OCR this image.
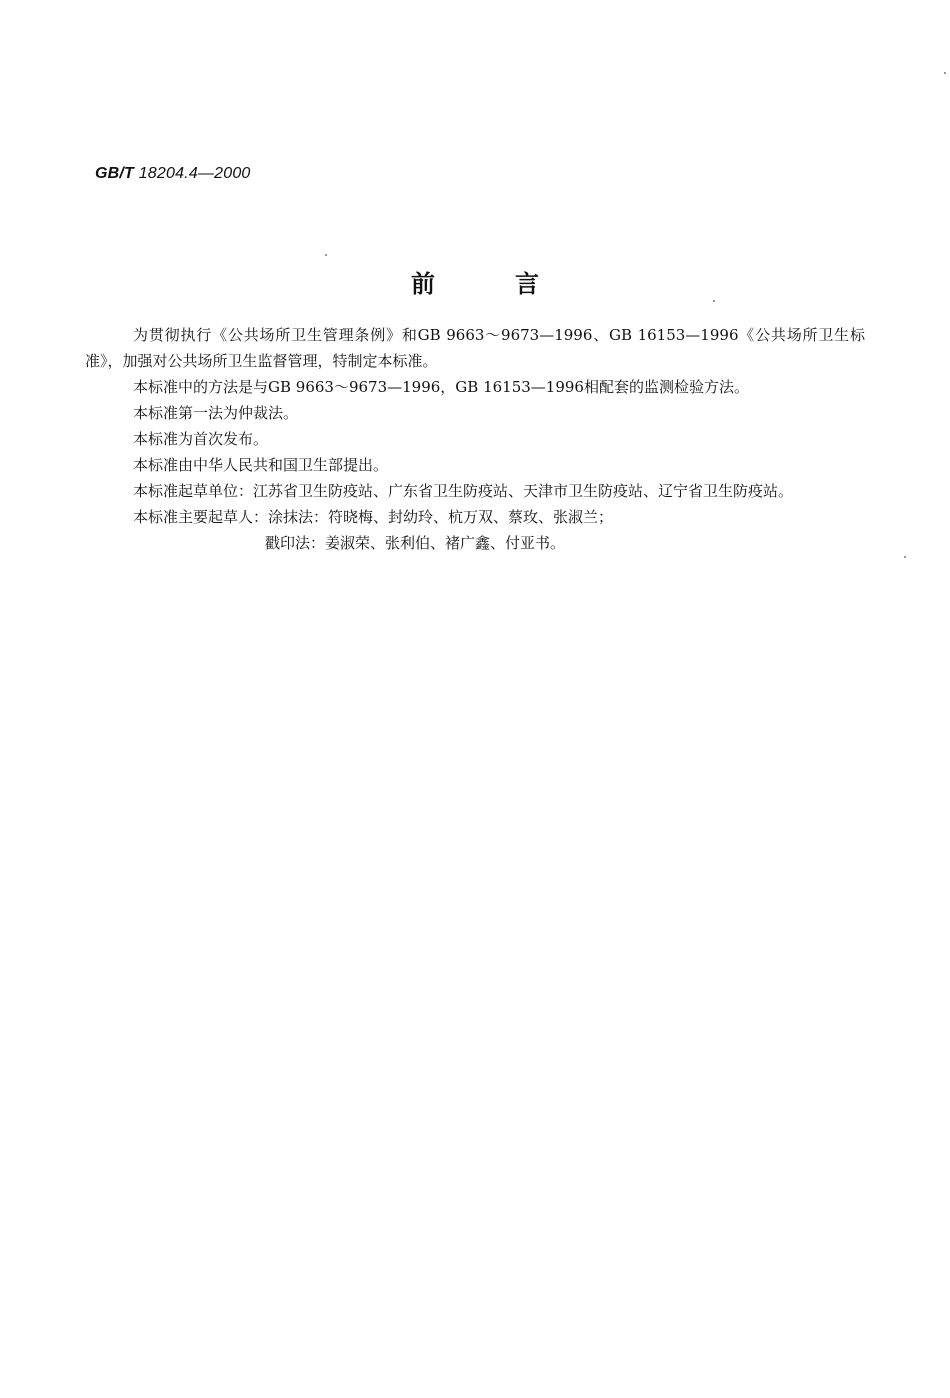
GB/T 18204.4—2000
前言

为贯彻执行《公共场所卫生管理条例》和GB 9663～9673—1996、GB 16153—1996《公共场所卫生标准》，加强对公共场所卫生监督管理，特制定本标准。

本标准中的方法是与GB 9663～9673—1996，GB 16153—1996相配套的监测检验方法。

本标准第一法为仲裁法。

本标准为首次发布。

本标准由中华人民共和国卫生部提出。

本标准起草单位：江苏省卫生防疫站、广东省卫生防疫站、天津市卫生防疫站、辽宁省卫生防疫站。

本标准主要起草人：涂抹法：符晓梅、封幼玲、杭万双、蔡玫、张淑兰；

戳印法：姜淑荣、张利伯、褚广鑫、付亚书。
